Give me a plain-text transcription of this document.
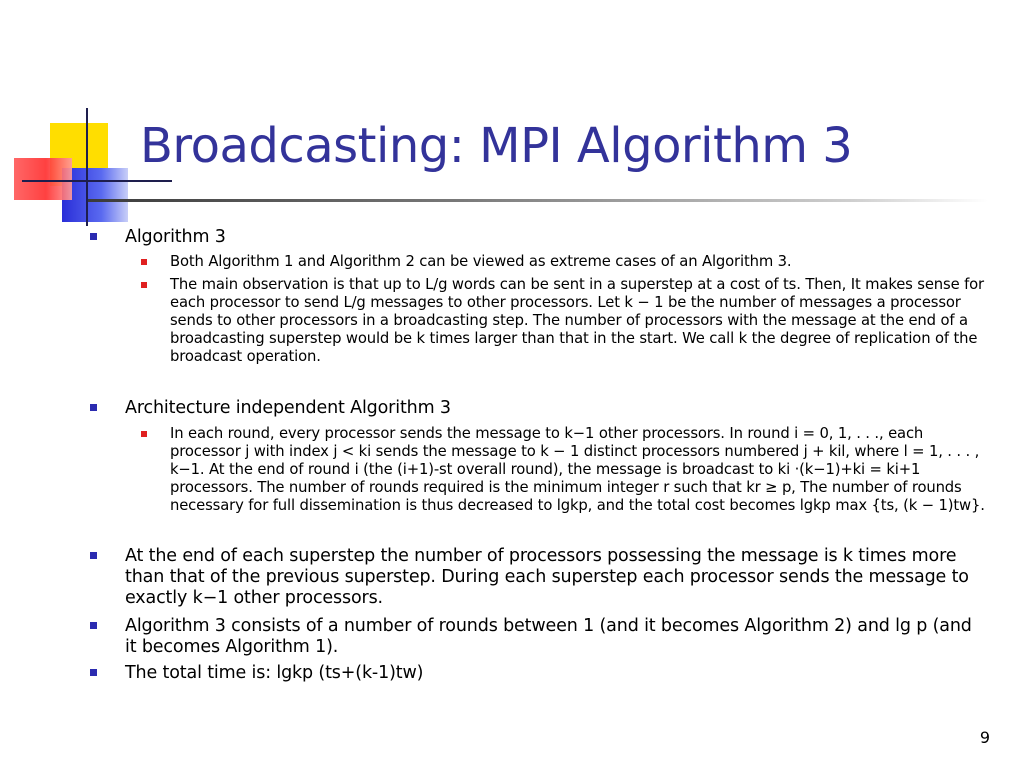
Broadcasting: MPI Algorithm 3
Algorithm 3
Both Algorithm 1 and Algorithm 2 can be viewed as extreme cases of an Algorithm 3.
The main observation is that up to L/g words can be sent in a superstep at a cost of ts. Then, It makes sense for each processor to send L/g messages to other processors. Let k − 1 be the number of messages a processor sends to other processors in a broadcasting step. The number of processors with the message at the end of a broadcasting superstep would be k times larger than that in the start. We call k the degree of replication of the broadcast operation.
Architecture independent Algorithm 3
In each round, every processor sends the message to k−1 other processors. In round i = 0, 1, . . ., each processor j with index j < ki sends the message to k − 1 distinct processors numbered j + kil, where l = 1, . . . , k−1. At the end of round i (the (i+1)-st overall round), the message is broadcast to ki ·(k−1)+ki = ki+1 processors. The number of rounds required is the minimum integer r such that kr ≥ p, The number of rounds necessary for full dissemination is thus decreased to lgkp, and the total cost becomes lgkp max {ts, (k − 1)tw}.
At the end of each superstep the number of processors possessing the message is k times more than that of the previous superstep. During each superstep each processor sends the message to exactly k−1 other processors.
Algorithm 3 consists of a number of rounds between 1 (and it becomes Algorithm 2) and lg p (and it becomes Algorithm 1).
The total time is: lgkp (ts+(k-1)tw)
9
